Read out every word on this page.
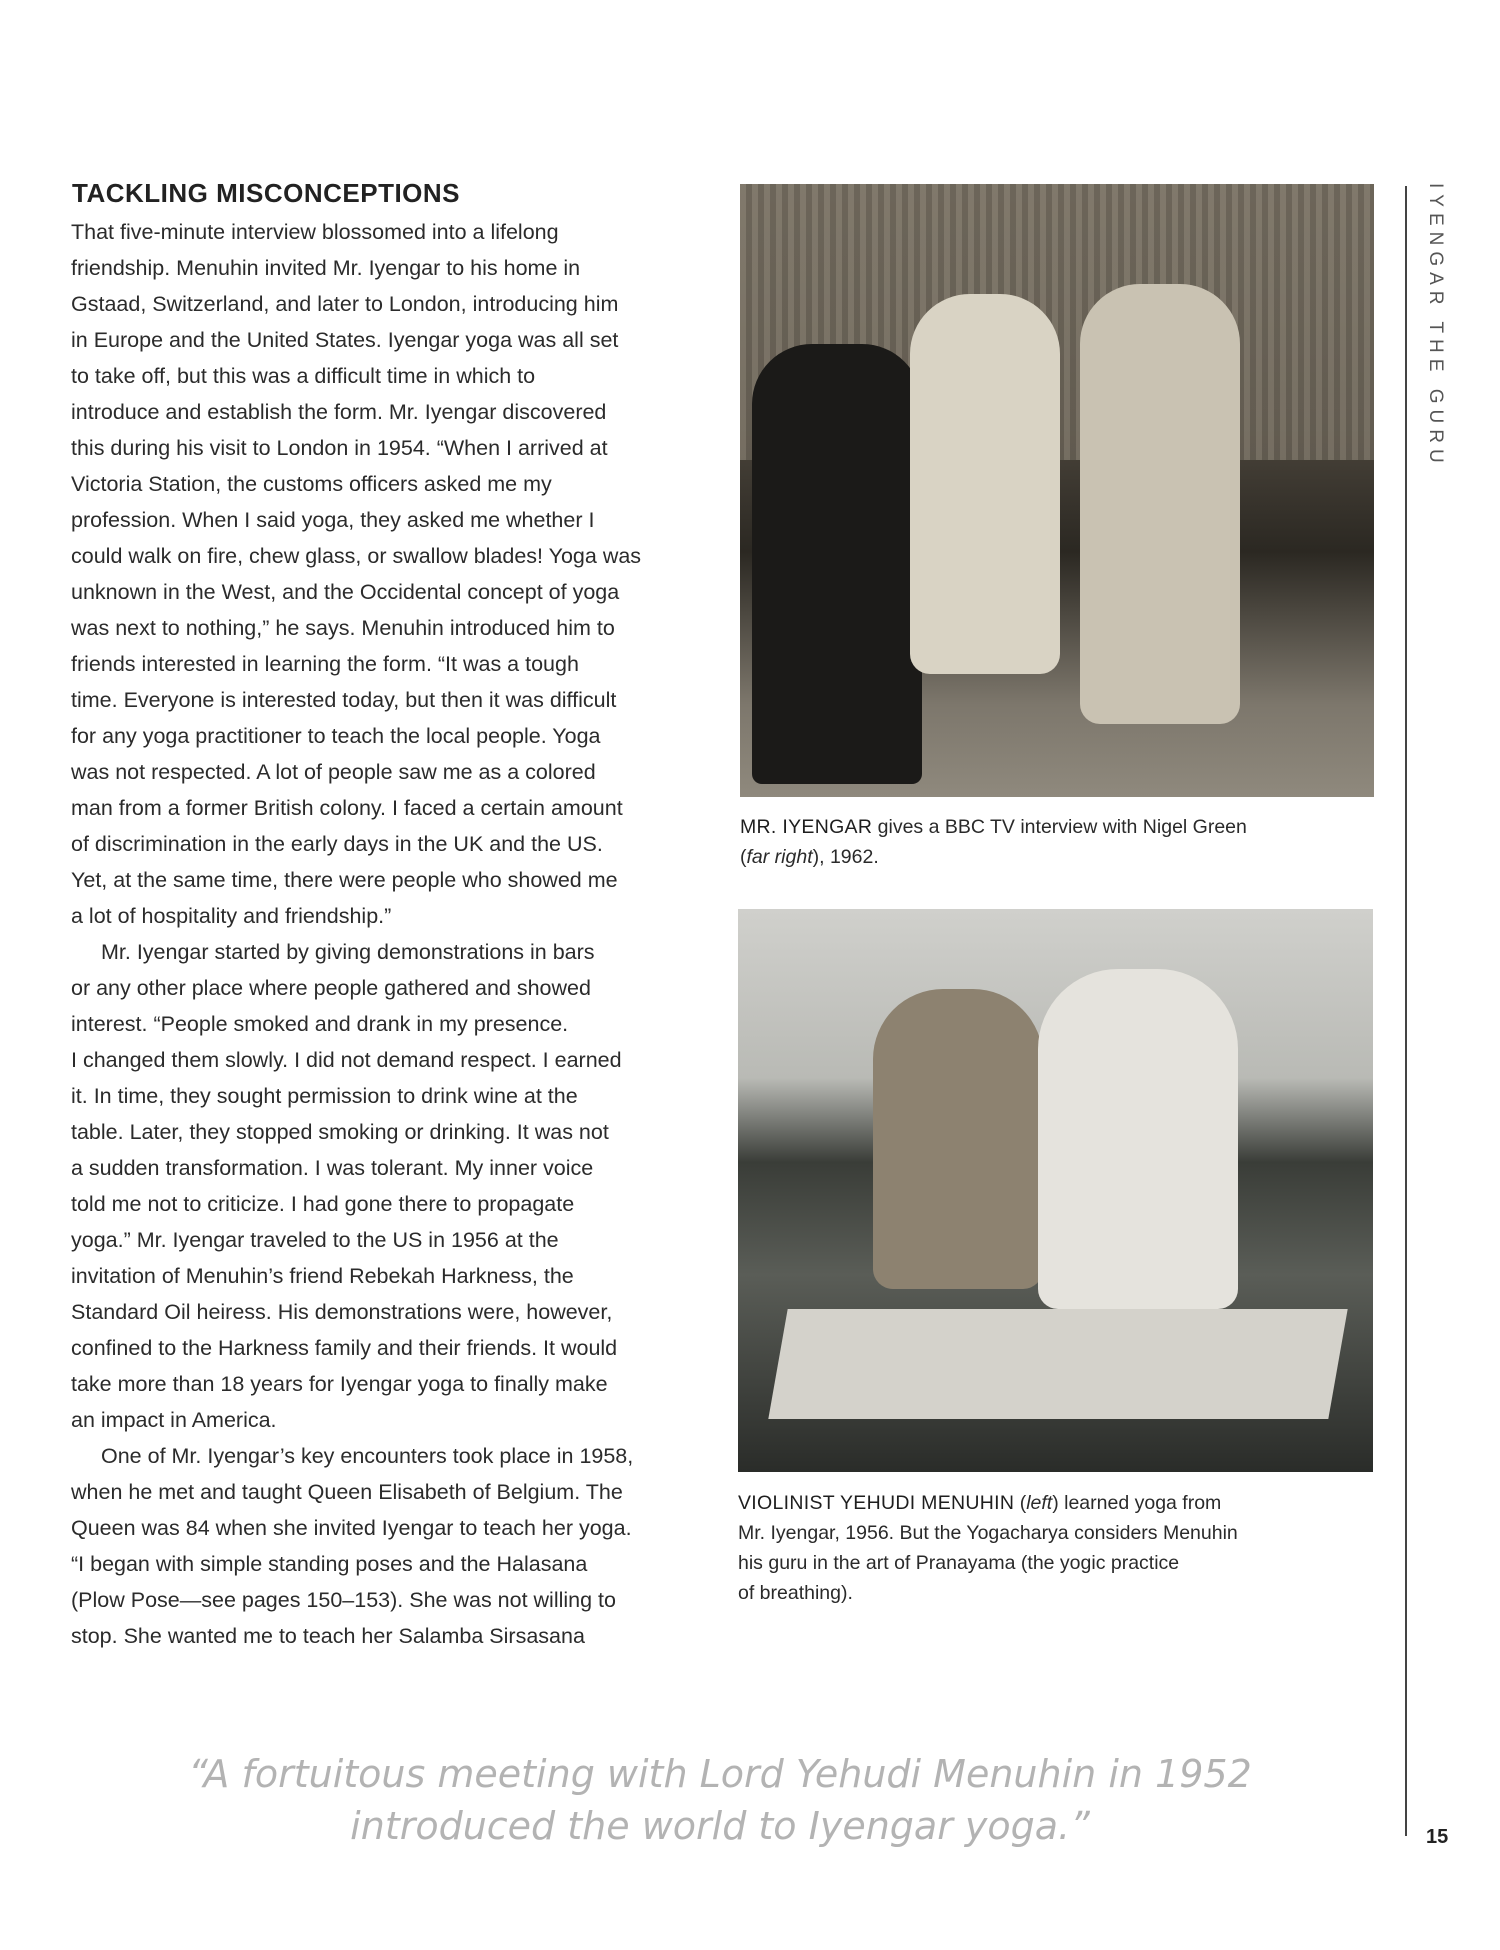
TACKLING MISCONCEPTIONS
That five-minute interview blossomed into a lifelong
friendship. Menuhin invited Mr. Iyengar to his home in
Gstaad, Switzerland, and later to London, introducing him
in Europe and the United States. Iyengar yoga was all set
to take off, but this was a difficult time in which to
introduce and establish the form. Mr. Iyengar discovered
this during his visit to London in 1954. “When I arrived at
Victoria Station, the customs officers asked me my
profession. When I said yoga, they asked me whether I
could walk on fire, chew glass, or swallow blades! Yoga was
unknown in the West, and the Occidental concept of yoga
was next to nothing,” he says. Menuhin introduced him to
friends interested in learning the form. “It was a tough
time. Everyone is interested today, but then it was difficult
for any yoga practitioner to teach the local people. Yoga
was not respected. A lot of people saw me as a colored
man from a former British colony. I faced a certain amount
of discrimination in the early days in the UK and the US.
Yet, at the same time, there were people who showed me
a lot of hospitality and friendship.”
Mr. Iyengar started by giving demonstrations in bars
or any other place where people gathered and showed
interest. “People smoked and drank in my presence.
I changed them slowly. I did not demand respect. I earned
it. In time, they sought permission to drink wine at the
table. Later, they stopped smoking or drinking. It was not
a sudden transformation. I was tolerant. My inner voice
told me not to criticize. I had gone there to propagate
yoga.” Mr. Iyengar traveled to the US in 1956 at the
invitation of Menuhin’s friend Rebekah Harkness, the
Standard Oil heiress. His demonstrations were, however,
confined to the Harkness family and their friends. It would
take more than 18 years for Iyengar yoga to finally make
an impact in America.
One of Mr. Iyengar’s key encounters took place in 1958,
when he met and taught Queen Elisabeth of Belgium. The
Queen was 84 when she invited Iyengar to teach her yoga.
“I began with simple standing poses and the Halasana
(Plow Pose—see pages 150–153). She was not willing to
stop. She wanted me to teach her Salamba Sirsasana
MR. IYENGAR gives a BBC TV interview with Nigel Green
(far right), 1962.
VIOLINIST YEHUDI MENUHIN (left) learned yoga from
Mr. Iyengar, 1956. But the Yogacharya considers Menuhin
his guru in the art of Pranayama (the yogic practice
of breathing).
IYENGAR THE GURU
15
“A fortuitous meeting with Lord Yehudi Menuhin in 1952
introduced the world to Iyengar yoga.”
